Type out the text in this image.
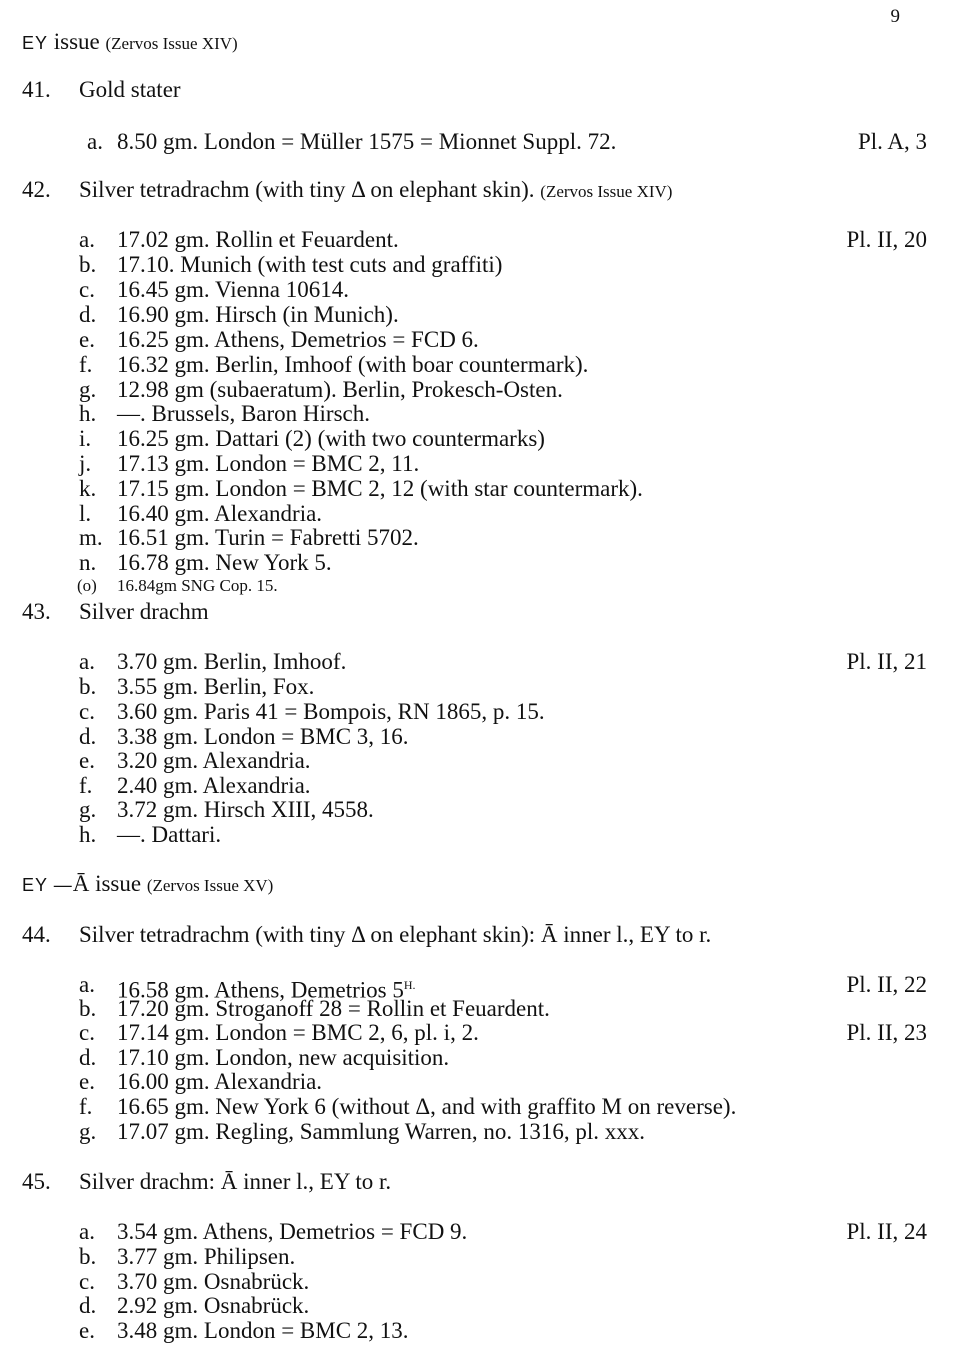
9
EY issue (Zervos Issue XIV)
EY —Ā issue (Zervos Issue XV)
41. Gold stater
a. 8.50 gm. London = Müller 1575 = Mionnet Suppl. 72.	Pl. A, 3
42. Silver tetradrachm (with tiny Δ on elephant skin). (Zervos Issue XIV)
a. 17.02 gm. Rollin et Feuardent.	Pl. II, 20
b. 17.10. Munich (with test cuts and graffiti)
c. 16.45 gm. Vienna 10614.
d. 16.90 gm. Hirsch (in Munich).
e. 16.25 gm. Athens, Demetrios = FCD 6.
f. 16.32 gm. Berlin, Imhoof (with boar countermark).
g. 12.98 gm (subaeratum). Berlin, Prokesch-Osten.
h. —. Brussels, Baron Hirsch.
i. 16.25 gm. Dattari (2) (with two countermarks)
j. 17.13 gm. London = BMC 2, 11.
k. 17.15 gm. London = BMC 2, 12 (with star countermark).
l. 16.40 gm. Alexandria.
m. 16.51 gm. Turin = Fabretti 5702.
n. 16.78 gm. New York 5.
(o) 16.84gm SNG Cop. 15.
43. Silver drachm
a. 3.70 gm. Berlin, Imhoof.	Pl. II, 21
b. 3.55 gm. Berlin, Fox.
c. 3.60 gm. Paris 41 = Bompois, RN 1865, p. 15.
d. 3.38 gm. London = BMC 3, 16.
e. 3.20 gm. Alexandria.
f. 2.40 gm. Alexandria.
g. 3.72 gm. Hirsch XIII, 4558.
h. —. Dattari.
44. Silver tetradrachm (with tiny Δ on elephant skin): Ā inner l., EY to r.
a. 16.58 gm. Athens, Demetrios $5^{H.}$	Pl. II, 22
b. 17.20 gm. Stroganoff 28 = Rollin et Feuardent.
c. 17.14 gm. London = BMC 2, 6, pl. i, 2.	Pl. II, 23
d. 17.10 gm. London, new acquisition.
e. 16.00 gm. Alexandria.
f. 16.65 gm. New York 6 (without Δ, and with graffito M on reverse).
g. 17.07 gm. Regling, Sammlung Warren, no. 1316, pl. xxx.
45. Silver drachm: Ā inner l., EY to r.
a. 3.54 gm. Athens, Demetrios = FCD 9.	Pl. II, 24
b. 3.77 gm. Philipsen.
c. 3.70 gm. Osnabrück.
d. 2.92 gm. Osnabrück.
e. 3.48 gm. London = BMC 2, 13.
